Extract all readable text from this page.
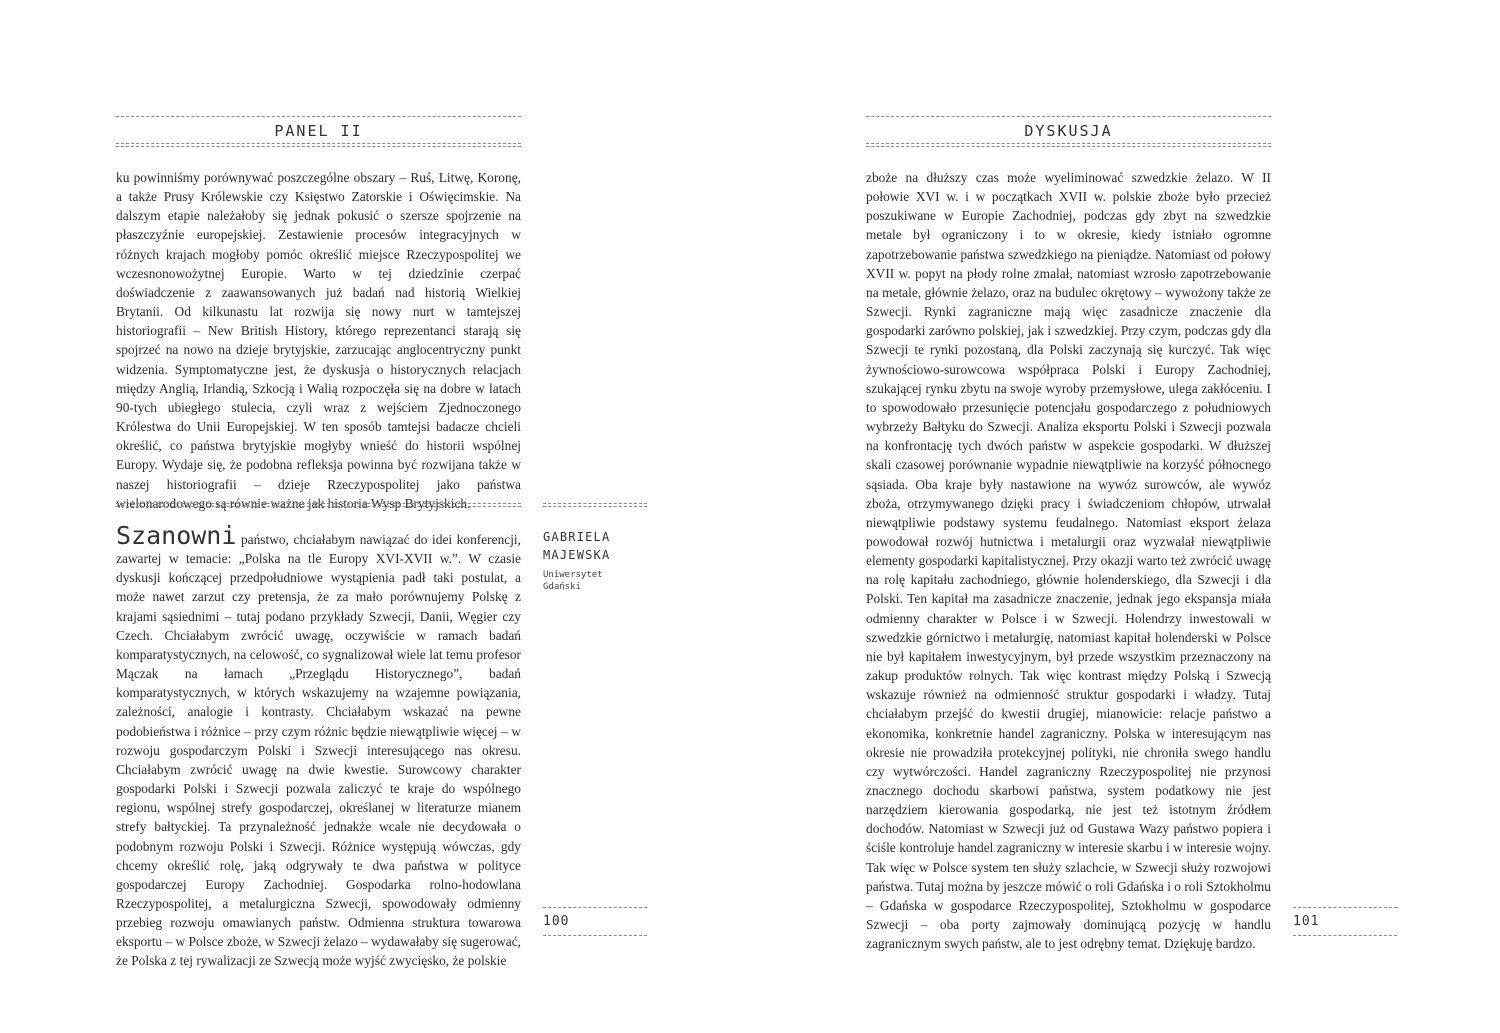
PANEL II

ku powinniśmy porównywać poszczególne obszary – Ruś, Litwę, Koronę, a także Prusy Królewskie czy Księstwo Zatorskie i Oświęcimskie. Na dalszym etapie należałoby się jednak pokusić o szersze spojrzenie na płaszczyźnie europejskiej. Zestawienie procesów integracyjnych w różnych krajach mogłoby pomóc określić miejsce Rzeczypospolitej we wczesnonowożytnej Europie. Warto w tej dziedzinie czerpać doświadczenie z zaawansowanych już badań nad historią Wielkiej Brytanii. Od kilkunastu lat rozwija się nowy nurt w tamtejszej historiografii – New British History, którego reprezentanci starają się spojrzeć na nowo na dzieje brytyjskie, zarzucając anglocentryczny punkt widzenia. Symptomatyczne jest, że dyskusja o historycznych relacjach między Anglią, Irlandią, Szkocją i Walią rozpoczęła się na dobre w latach 90-tych ubiegłego stulecia, czyli wraz z wejściem Zjednoczonego Królestwa do Unii Europejskiej. W ten sposób tamtejsi badacze chcieli określić, co państwa brytyjskie mogłyby wnieść do historii wspólnej Europy. Wydaje się, że podobna refleksja powinna być rozwijana także w naszej historiografii – dzieje Rzeczypospolitej jako państwa wielonarodowego są równie ważne jak historia Wysp Brytyjskich.

Szanowni państwo, chciałabym nawiązać do idei konferencji, zawartej w temacie: „Polska na tle Europy XVI-XVII w.”. W czasie dyskusji kończącej przedpołudniowe wystąpienia padł taki postulat, a może nawet zarzut czy pretensja, że za mało porównujemy Polskę z krajami sąsiednimi – tutaj podano przykłady Szwecji, Danii, Węgier czy Czech. Chciałabym zwrócić uwagę, oczywiście w ramach badań komparatystycznych, na celowość, co sygnalizował wiele lat temu profesor Mączak na łamach „Przeglądu Historycznego”, badań komparatystycznych, w których wskazujemy na wzajemne powiązania, zależności, analogie i kontrasty. Chciałabym wskazać na pewne podobieństwa i różnice – przy czym różnic będzie niewątpliwie więcej – w rozwoju gospodarczym Polski i Szwecji interesującego nas okresu. Chciałabym zwrócić uwagę na dwie kwestie. Surowcowy charakter gospodarki Polski i Szwecji pozwala zaliczyć te kraje do wspólnego regionu, wspólnej strefy gospodarczej, określanej w literaturze mianem strefy bałtyckiej. Ta przynależność jednakże wcale nie decydowała o podobnym rozwoju Polski i Szwecji. Różnice występują wówczas, gdy chcemy określić rolę, jaką odgrywały te dwa państwa w polityce gospodarczej Europy Zachodniej. Gospodarka rolno-hodowlana Rzeczypospolitej, a metalurgiczna Szwecji, spowodowały odmienny przebieg rozwoju omawianych państw. Odmienna struktura towarowa eksportu – w Polsce zboże, w Szwecji żelazo – wydawałaby się sugerować, że Polska z tej rywalizacji ze Szwecją może wyjść zwycięsko, że polskie

GABRIELA
MAJEWSKA
Uniwersytet
Gdański
100
DYSKUSJA

zboże na dłuższy czas może wyeliminować szwedzkie żelazo. W II połowie XVI w. i w początkach XVII w. polskie zboże było przecież poszukiwane w Europie Zachodniej, podczas gdy zbyt na szwedzkie metale był ograniczony i to w okresie, kiedy istniało ogromne zapotrzebowanie państwa szwedzkiego na pieniądze. Natomiast od połowy XVII w. popyt na płody rolne zmalał, natomiast wzrosło zapotrzebowanie na metale, głównie żelazo, oraz na budulec okrętowy – wywożony także ze Szwecji. Rynki zagraniczne mają więc zasadnicze znaczenie dla gospodarki zarówno polskiej, jak i szwedzkiej. Przy czym, podczas gdy dla Szwecji te rynki pozostaną, dla Polski zaczynają się kurczyć. Tak więc żywnościowo-surowcowa współpraca Polski i Europy Zachodniej, szukającej rynku zbytu na swoje wyroby przemysłowe, ulega zakłóceniu. I to spowodowało przesunięcie potencjału gospodarczego z południowych wybrzeży Bałtyku do Szwecji. Analiza eksportu Polski i Szwecji pozwala na konfrontację tych dwóch państw w aspekcie gospodarki. W dłuższej skali czasowej porównanie wypadnie niewątpliwie na korzyść północnego sąsiada. Oba kraje były nastawione na wywóz surowców, ale wywóz zboża, otrzymywanego dzięki pracy i świadczeniom chłopów, utrwalał niewątpliwie podstawy systemu feudalnego. Natomiast eksport żelaza powodował rozwój hutnictwa i metalurgii oraz wyzwalał niewątpliwie elementy gospodarki kapitalistycznej. Przy okazji warto też zwrócić uwagę na rolę kapitału zachodniego, głównie holenderskiego, dla Szwecji i dla Polski. Ten kapitał ma zasadnicze znaczenie, jednak jego ekspansja miała odmienny charakter w Polsce i w Szwecji. Holendrzy inwestowali w szwedzkie górnictwo i metalurgię, natomiast kapitał holenderski w Polsce nie był kapitałem inwestycyjnym, był przede wszystkim przeznaczony na zakup produktów rolnych. Tak więc kontrast między Polską i Szwecją wskazuje również na odmienność struktur gospodarki i władzy. Tutaj chciałabym przejść do kwestii drugiej, mianowicie: relacje państwo a ekonomika, konkretnie handel zagraniczny. Polska w interesującym nas okresie nie prowadziła protekcyjnej polityki, nie chroniła swego handlu czy wytwórczości. Handel zagraniczny Rzeczypospolitej nie przynosi znacznego dochodu skarbowi państwa, system podatkowy nie jest narzędziem kierowania gospodarką, nie jest też istotnym źródłem dochodów. Natomiast w Szwecji już od Gustawa Wazy państwo popiera i ściśle kontroluje handel zagraniczny w interesie skarbu i w interesie wojny. Tak więc w Polsce system ten służy szlachcie, w Szwecji służy rozwojowi państwa. Tutaj można by jeszcze mówić o roli Gdańska i o roli Sztokholmu – Gdańska w gospodarce Rzeczypospolitej, Sztokholmu w gospodarce Szwecji – oba porty zajmowały dominującą pozycję w handlu zagranicznym swych państw, ale to jest odrębny temat. Dziękuję bardzo.

101
